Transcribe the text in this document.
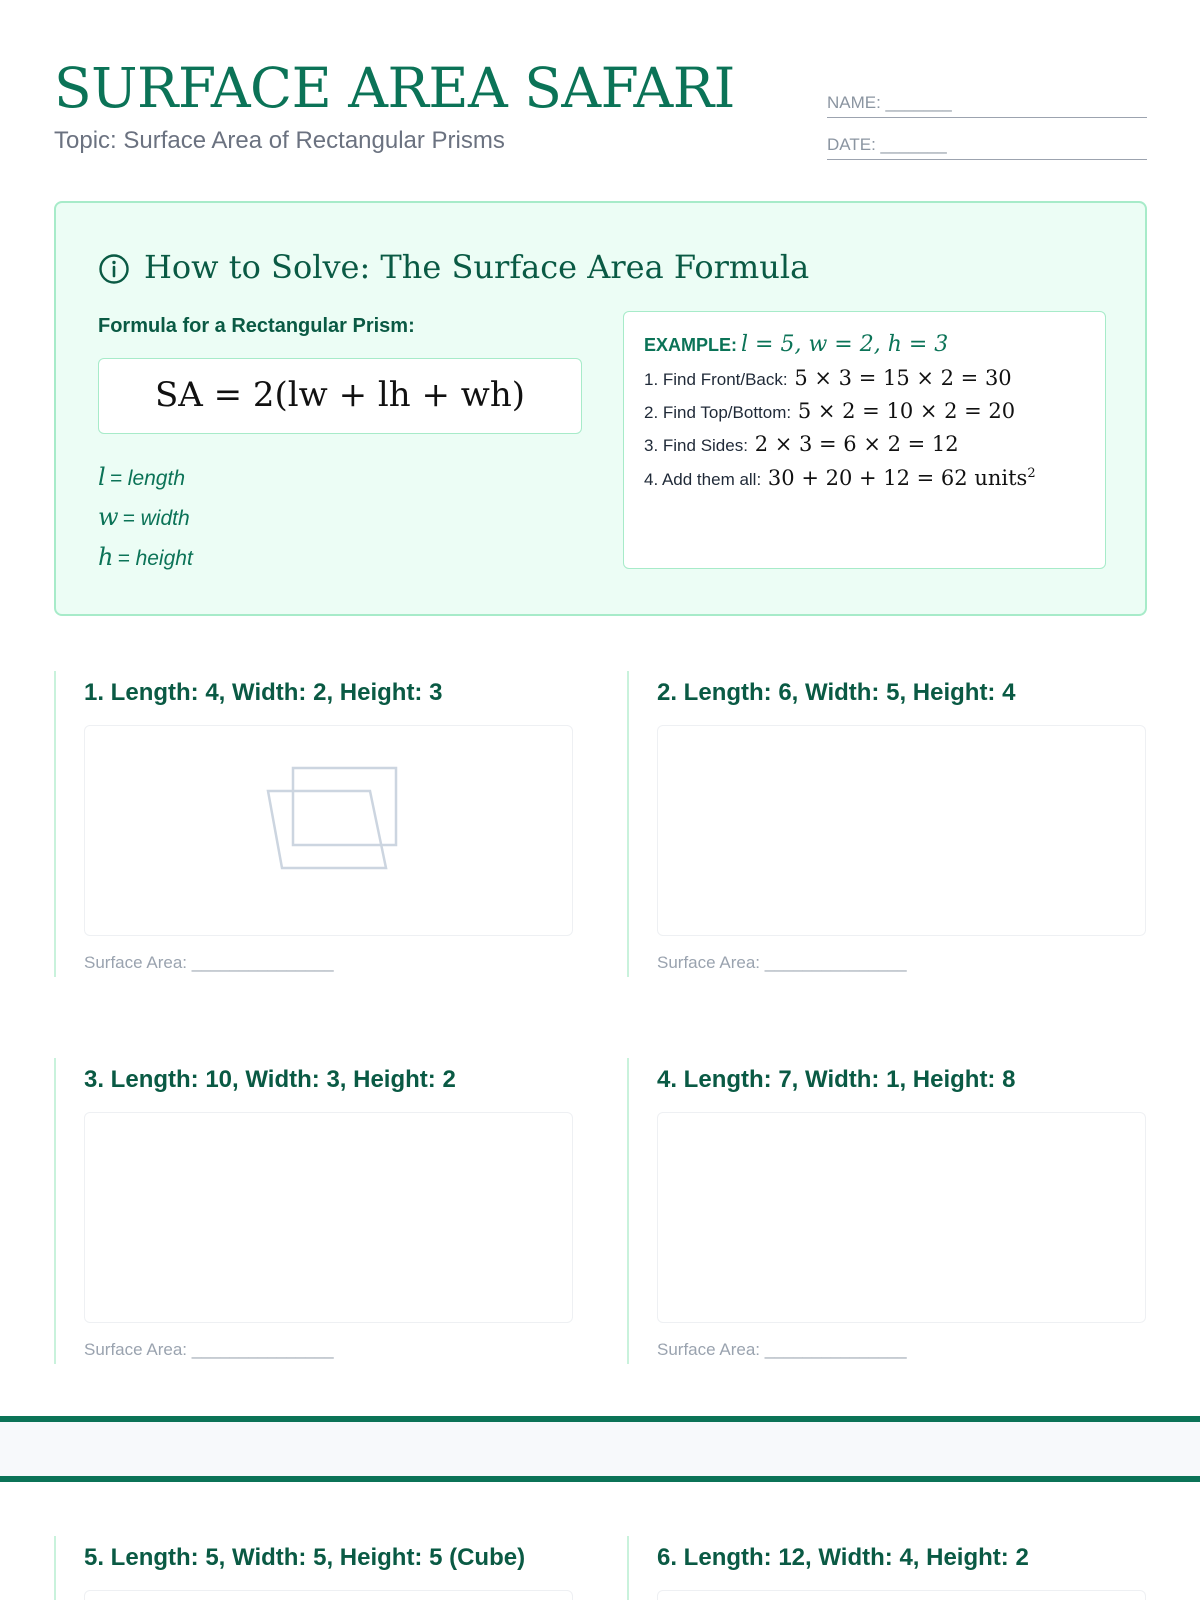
SURFACE AREA SAFARI
Topic: Surface Area of Rectangular Prisms
NAME: _______
DATE: _______
How to Solve: The Surface Area Formula
Formula for a Rectangular Prism:
SA = 2(lw + lh + wh)
l = length
w = width
h = height
EXAMPLE: l = 5, w = 2, h = 3
1. Find Front/Back: 5 × 3 = 15 × 2 = 30
2. Find Top/Bottom: 5 × 2 = 10 × 2 = 20
3. Find Sides: 2 × 3 = 6 × 2 = 12
4. Add them all: 30 + 20 + 12 = 62 units$^2$
1. Length: 4, Width: 2, Height: 3
Surface Area: _______________
2. Length: 6, Width: 5, Height: 4
Surface Area: _______________
3. Length: 10, Width: 3, Height: 2
Surface Area: _______________
4. Length: 7, Width: 1, Height: 8
Surface Area: _______________
5. Length: 5, Width: 5, Height: 5 (Cube)	6. Length: 12, Width: 4, Height: 2
